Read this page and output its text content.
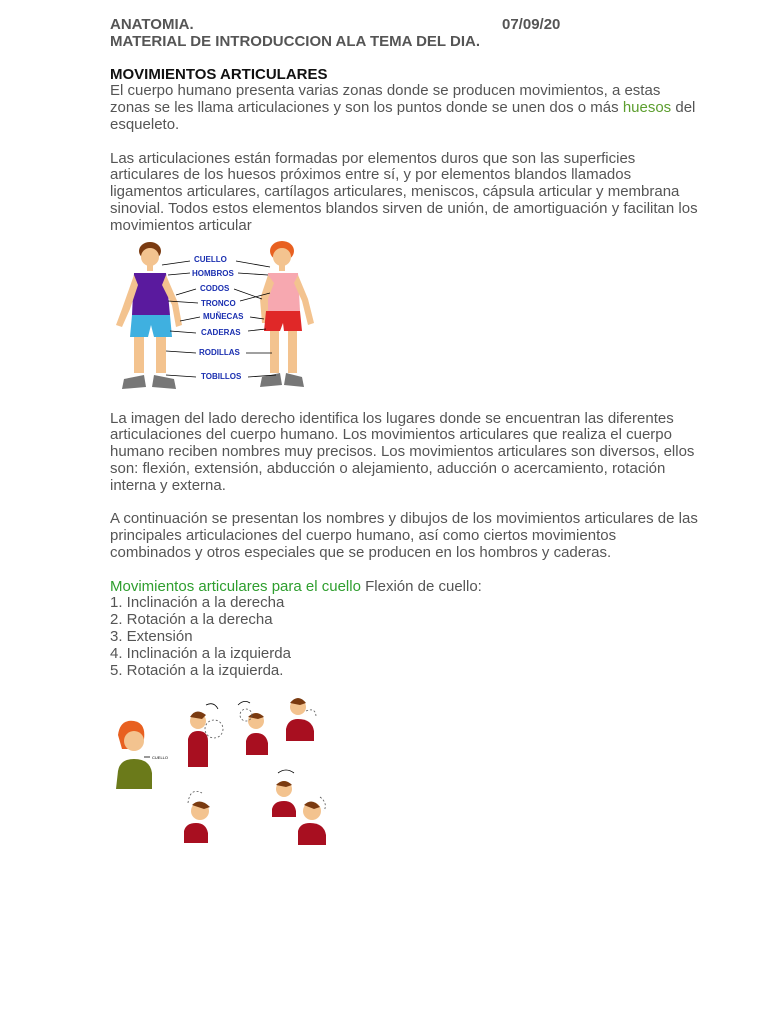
ANATOMIA.	07/09/20
MATERIAL DE INTRODUCCION ALA TEMA DEL DIA.
MOVIMIENTOS ARTICULARES

El cuerpo humano presenta varias zonas donde se producen movimientos, a estas zonas se les llama articulaciones y son los puntos donde se unen dos o más huesos del esqueleto.

Las articulaciones están formadas por elementos duros que son las superficies articulares de los huesos próximos entre sí, y por elementos blandos llamados ligamentos articulares, cartílagos articulares, meniscos, cápsula articular y membrana sinovial. Todos estos elementos blandos sirven de unión, de amortiguación y facilitan los movimientos articular

CUELLO
HOMBROS
CODOS
TRONCO
MUÑECAS
CADERAS
RODILLAS
TOBILLOS

La imagen del lado derecho identifica los lugares donde se encuentran las diferentes articulaciones del cuerpo humano. Los movimientos articulares que realiza el cuerpo humano reciben nombres muy precisos. Los movimientos articulares son diversos, ellos son: flexión, extensión, abducción o alejamiento, aducción o acercamiento, rotación interna y externa.

A continuación se presentan los nombres y dibujos de los movimientos articulares de las principales articulaciones del cuerpo humano, así como ciertos movimientos combinados y otros especiales que se producen en los hombros y caderas.

Movimientos articulares para el cuello Flexión de cuello:

1. Inclinación a la derecha
2. Rotación a la derecha
3. Extensión
4. Inclinación a la izquierda
5. Rotación a la izquierda.
CUELLO
